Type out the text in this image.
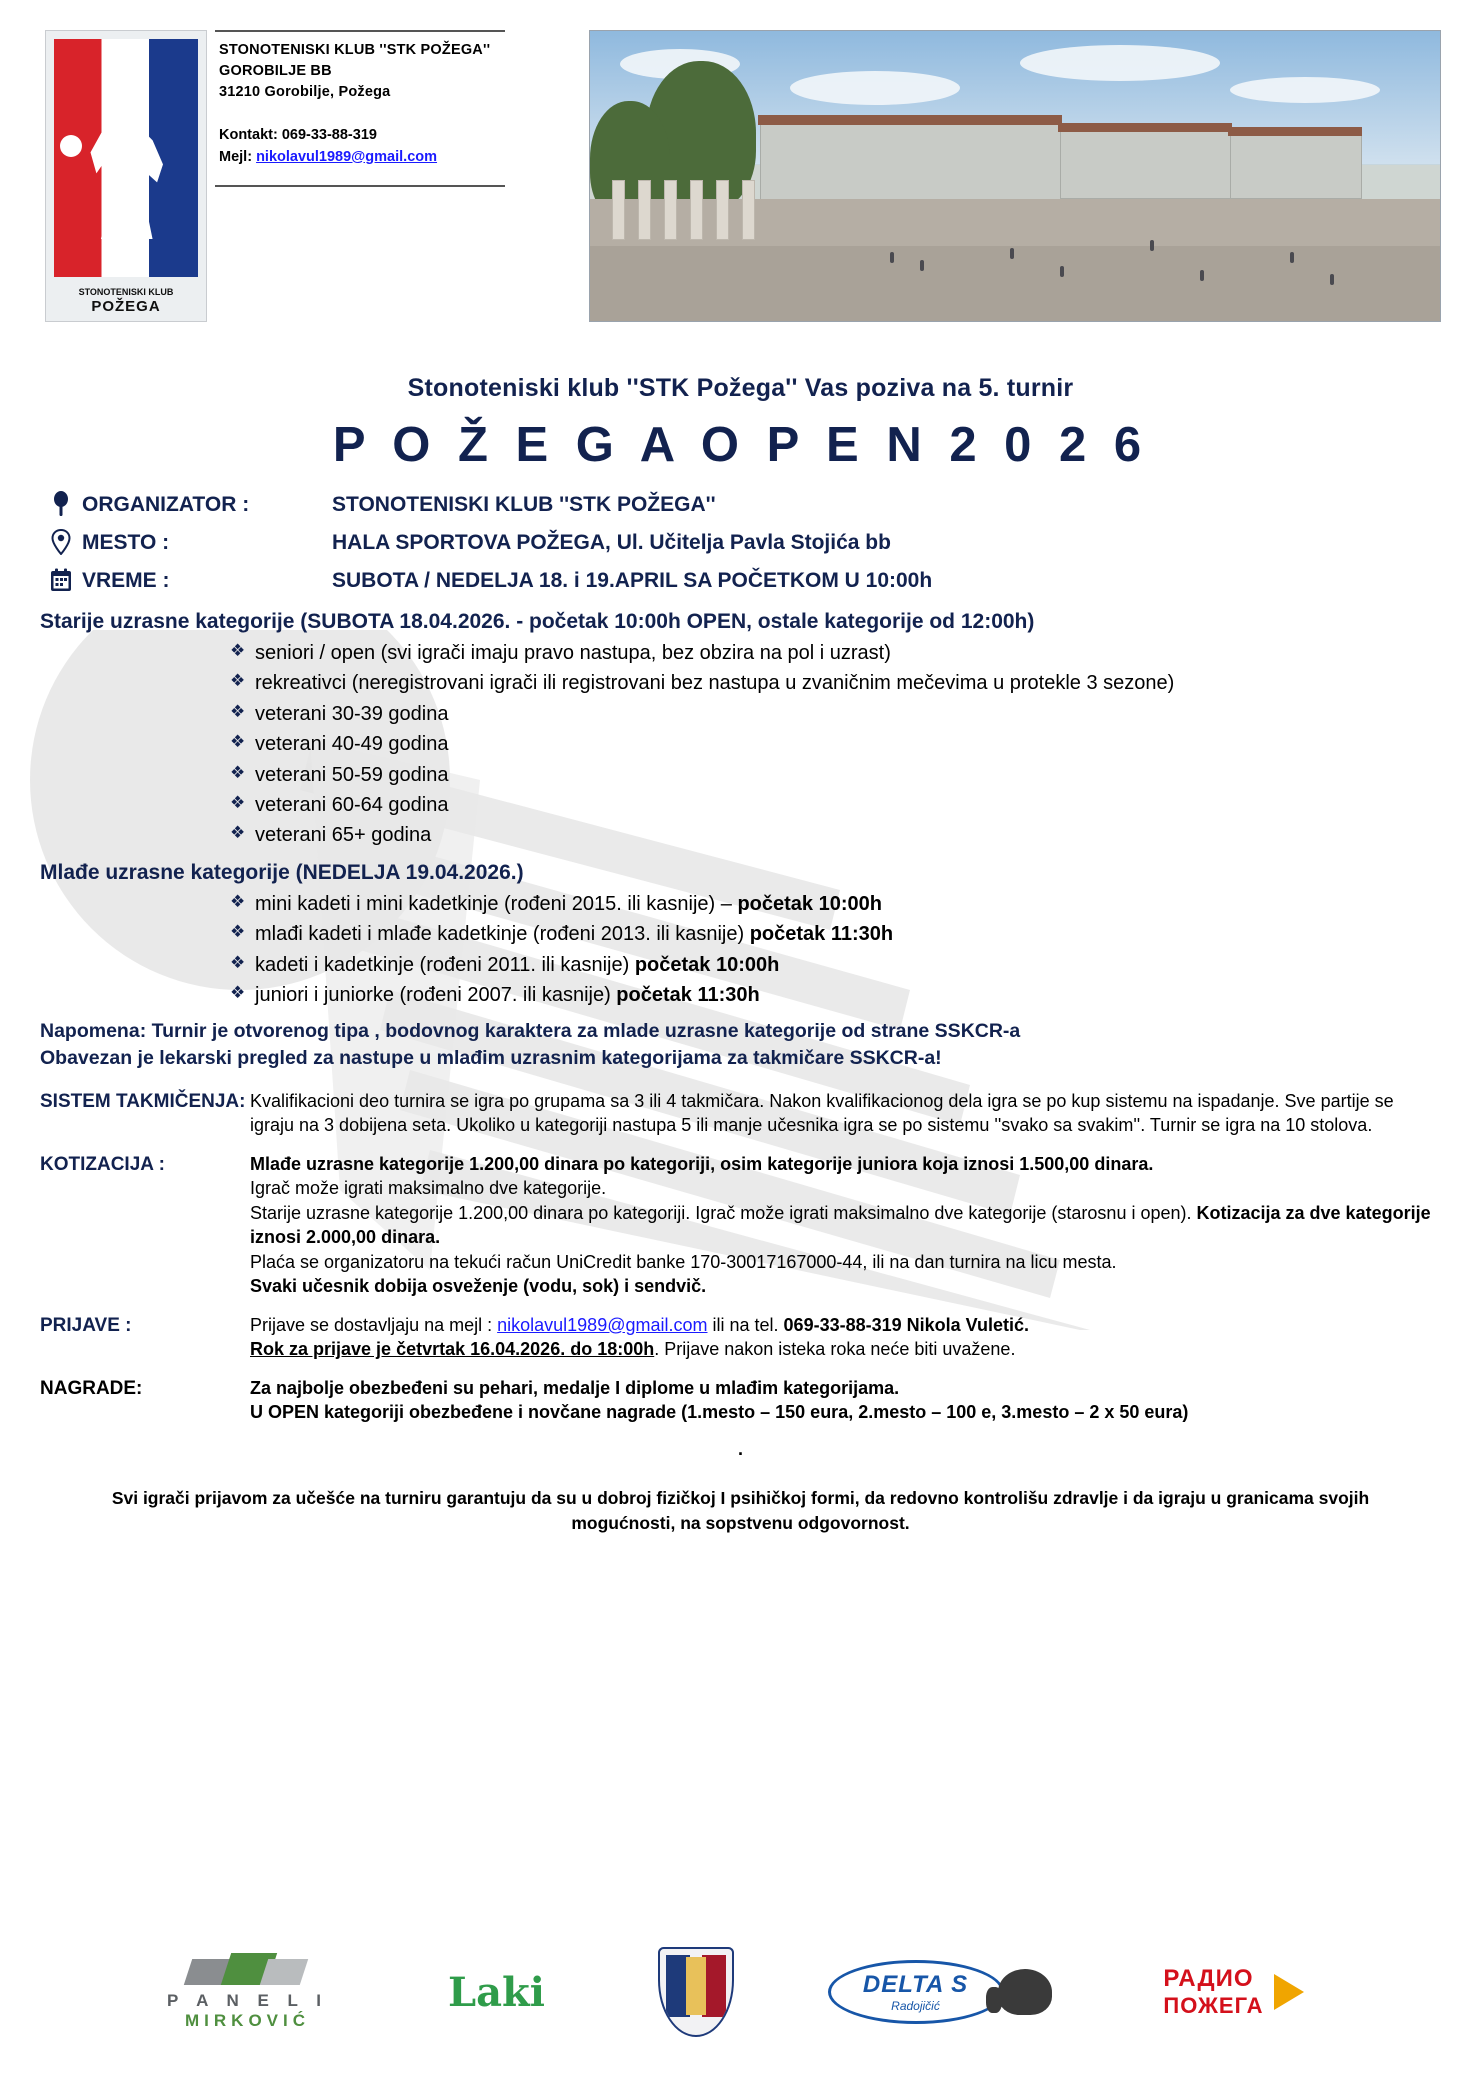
STONOTENISKI KLUB
POŽEGA
STONOTENISKI KLUB ''STK POŽEGA''
GOROBILJE BB
31210 Gorobilje, Požega
Kontakt: 069-33-88-319
Mejl: nikolavul1989@gmail.com
Stonoteniski klub ''STK Požega'' Vas poziva na 5. turnir
P O Ž E G A O P E N 2 0 2 6
ORGANIZATOR :	STONOTENISKI KLUB ''STK POŽEGA''
MESTO :	HALA SPORTOVA POŽEGA, Ul. Učitelja Pavla Stojića bb
VREME :	SUBOTA / NEDELJA 18. i 19.APRIL SA POČETKOM U 10:00h
Starije uzrasne kategorije (SUBOTA 18.04.2026. - početak 10:00h OPEN, ostale kategorije od 12:00h)
❖ seniori / open (svi igrači imaju pravo nastupa, bez obzira na pol i uzrast)
❖ rekreativci (neregistrovani igrači ili registrovani bez nastupa u zvaničnim mečevima u protekle 3 sezone)
❖ veterani 30-39 godina
❖ veterani 40-49 godina
❖ veterani 50-59 godina
❖ veterani 60-64 godina
❖ veterani 65+ godina
Mlađe uzrasne kategorije (NEDELJA 19.04.2026.)
❖ mini kadeti i mini kadetkinje (rođeni 2015. ili kasnije) – početak 10:00h
❖ mlađi kadeti i mlađe kadetkinje (rođeni 2013. ili kasnije) početak 11:30h
❖ kadeti i kadetkinje (rođeni 2011. ili kasnije) početak 10:00h
❖ juniori i juniorke (rođeni 2007. ili kasnije) početak 11:30h
Napomena: Turnir je otvorenog tipa , bodovnog karaktera za mlade uzrasne kategorije od strane SSKCR-a
Obavezan je lekarski pregled za nastupe u mlađim uzrasnim kategorijama za takmičare SSKCR-a!
SISTEM TAKMIČENJA: Kvalifikacioni deo turnira se igra po grupama sa 3 ili 4 takmičara. Nakon kvalifikacionog dela igra se po kup sistemu na ispadanje. Sve partije se igraju na 3 dobijena seta. Ukoliko u kategoriji nastupa 5 ili manje učesnika igra se po sistemu ''svako sa svakim''. Turnir se igra na 10 stolova.

KOTIZACIJA :	Mlađe uzrasne kategorije 1.200,00 dinara po kategoriji, osim kategorije juniora koja iznosi 1.500,00 dinara.

Igrač može igrati maksimalno dve kategorije.

Starije uzrasne kategorije 1.200,00 dinara po kategoriji. Igrač može igrati maksimalno dve kategorije (starosnu i open). Kotizacija za dve kategorije iznosi 2.000,00 dinara.

Plaća se organizatoru na tekući račun UniCredit banke 170-30017167000-44, ili na dan turnira na licu mesta.

Svaki učesnik dobija osveženje (vodu, sok) i sendvič.

PRIJAVE :	Prijave se dostavljaju na mejl : nikolavul1989@gmail.com ili na tel. 069-33-88-319 Nikola Vuletić.

Rok za prijave je četvrtak 16.04.2026. do 18:00h. Prijave nakon isteka roka neće biti uvažene.

NAGRADE:	Za najbolje obezbeđeni su pehari, medalje I diplome u mlađim kategorijama.

U OPEN kategoriji obezbeđene i novčane nagrade (1.mesto – 150 eura, 2.mesto – 100 e, 3.mesto – 2 x 50 eura)

.
Svi igrači prijavom za učešće na turniru garantuju da su u dobroj fizičkoj I psihičkoj formi, da redovno kontrolišu zdravlje i da igraju u granicama svojih mogućnosti, na sopstvenu odgovornost.
P A N E L I
MIRKOVIĆ
Laki	DELTA S
Radojičić
РАДИО
ПОЖЕГА
